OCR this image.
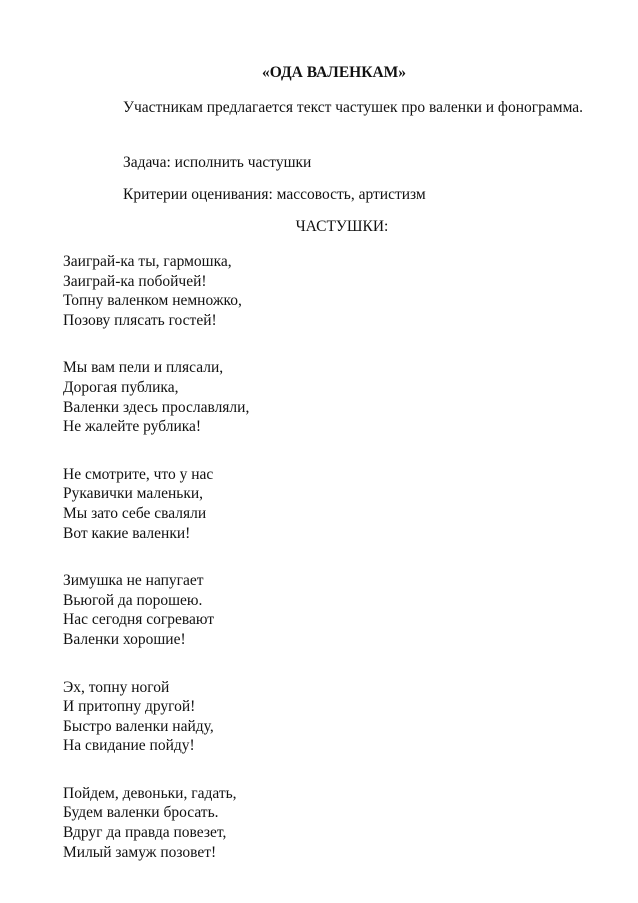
«ОДА ВАЛЕНКАМ»

Участникам предлагается текст частушек про валенки и фонограмма.

Задача: исполнить частушки

Критерии оценивания: массовость, артистизм

ЧАСТУШКИ:
Заиграй-ка ты, гармошка,
Заиграй-ка побойчей!
Топну валенком немножко,
Позову плясать гостей!
Мы вам пели и плясали,
Дорогая публика,
Валенки здесь прославляли,
Не жалейте рублика!
Не смотрите, что у нас
Рукавички маленьки,
Мы зато себе сваляли
Вот какие валенки!
Зимушка не напугает
Вьюгой да порошею.
Нас сегодня согревают
Валенки хорошие!
Эх, топну ногой
И притопну другой!
Быстро валенки найду,
На свидание пойду!
Пойдем, девоньки, гадать,
Будем валенки бросать.
Вдруг да правда повезет,
Милый замуж позовет!
